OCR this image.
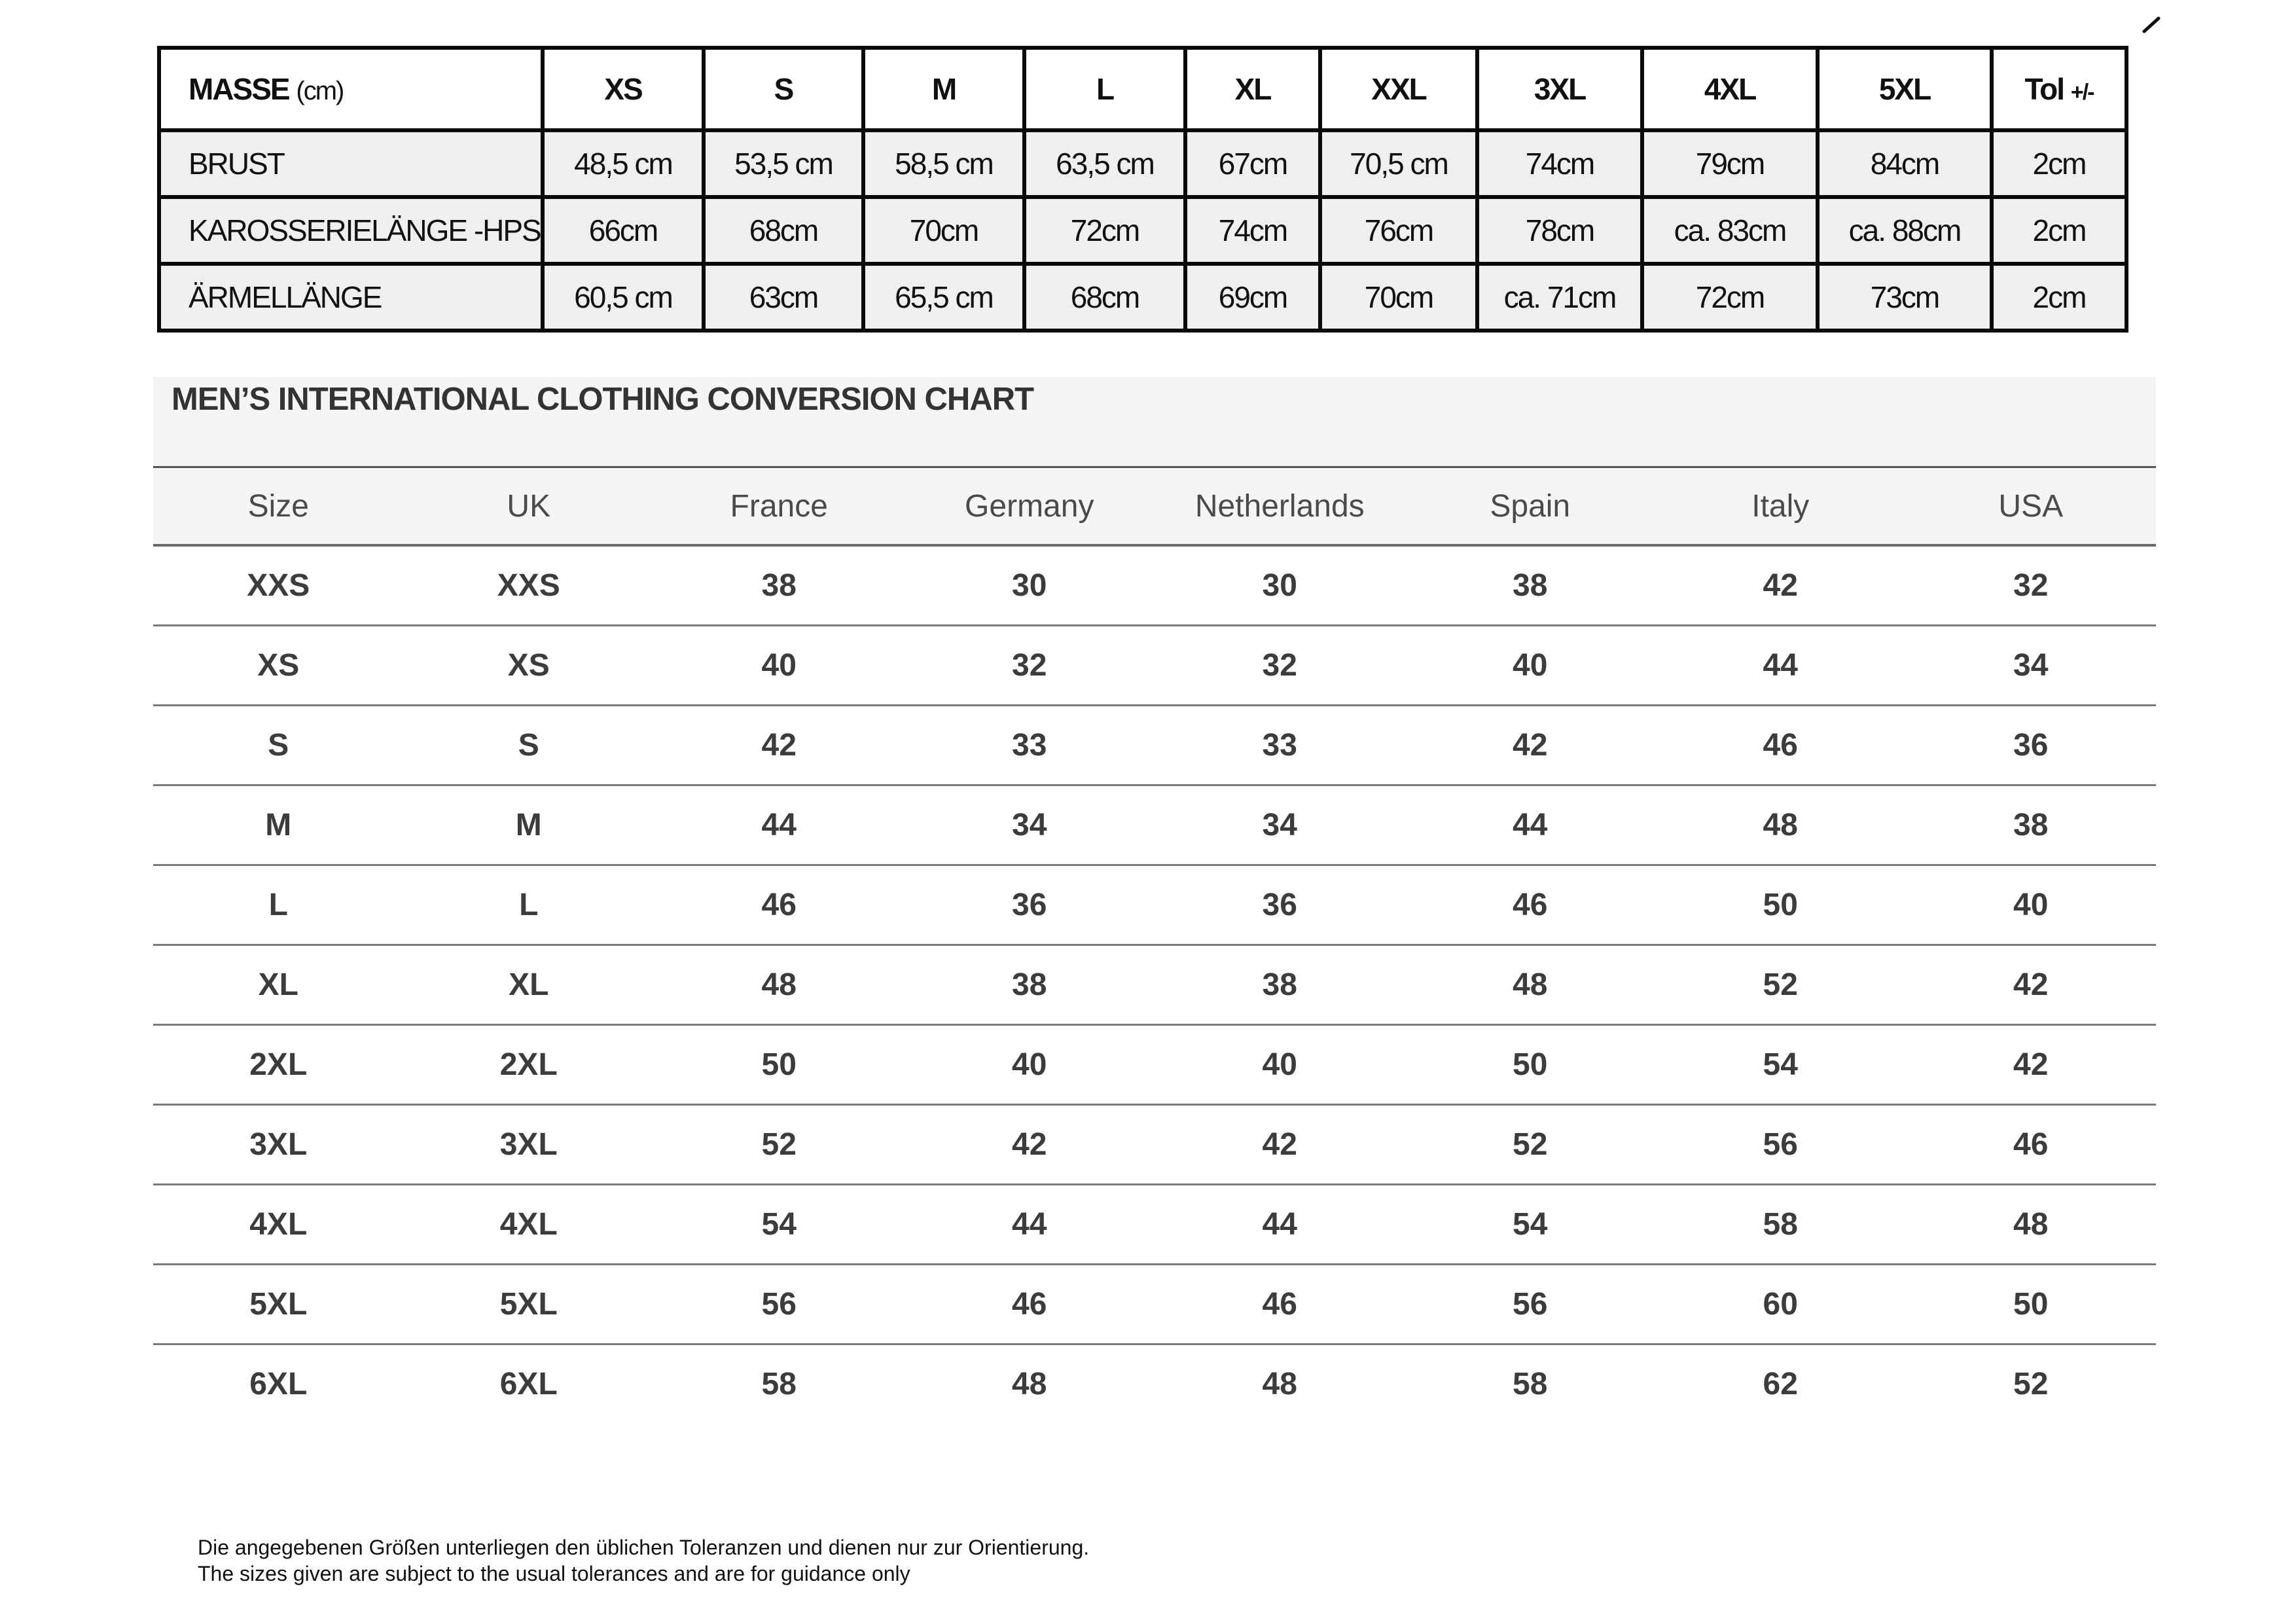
MASSE (cm)	XS	S	M	L	XL	XXL	3XL	4XL	5XL	Tol +/-
BRUST	48,5 cm	53,5 cm	58,5 cm	63,5 cm	67cm	70,5 cm	74cm	79cm	84cm	2cm
KAROSSERIELÄNGE -HPS	66cm	68cm	70cm	72cm	74cm	76cm	78cm	ca. 83cm	ca. 88cm	2cm
ÄRMELLÄNGE	60,5 cm	63cm	65,5 cm	68cm	69cm	70cm	ca. 71cm	72cm	73cm	2cm
MEN’S INTERNATIONAL CLOTHING CONVERSION CHART
Size	UK	France	Germany	Netherlands	Spain	Italy	USA
XXS	XXS	38	30	30	38	42	32
XS	XS	40	32	32	40	44	34
S	S	42	33	33	42	46	36
M	M	44	34	34	44	48	38
L	L	46	36	36	46	50	40
XL	XL	48	38	38	48	52	42
2XL	2XL	50	40	40	50	54	42
3XL	3XL	52	42	42	52	56	46
4XL	4XL	54	44	44	54	58	48
5XL	5XL	56	46	46	56	60	50
6XL	6XL	58	48	48	58	62	52

Die angegebenen Größen unterliegen den üblichen Toleranzen und dienen nur zur Orientierung.

The sizes given are subject to the usual tolerances and are for guidance only
